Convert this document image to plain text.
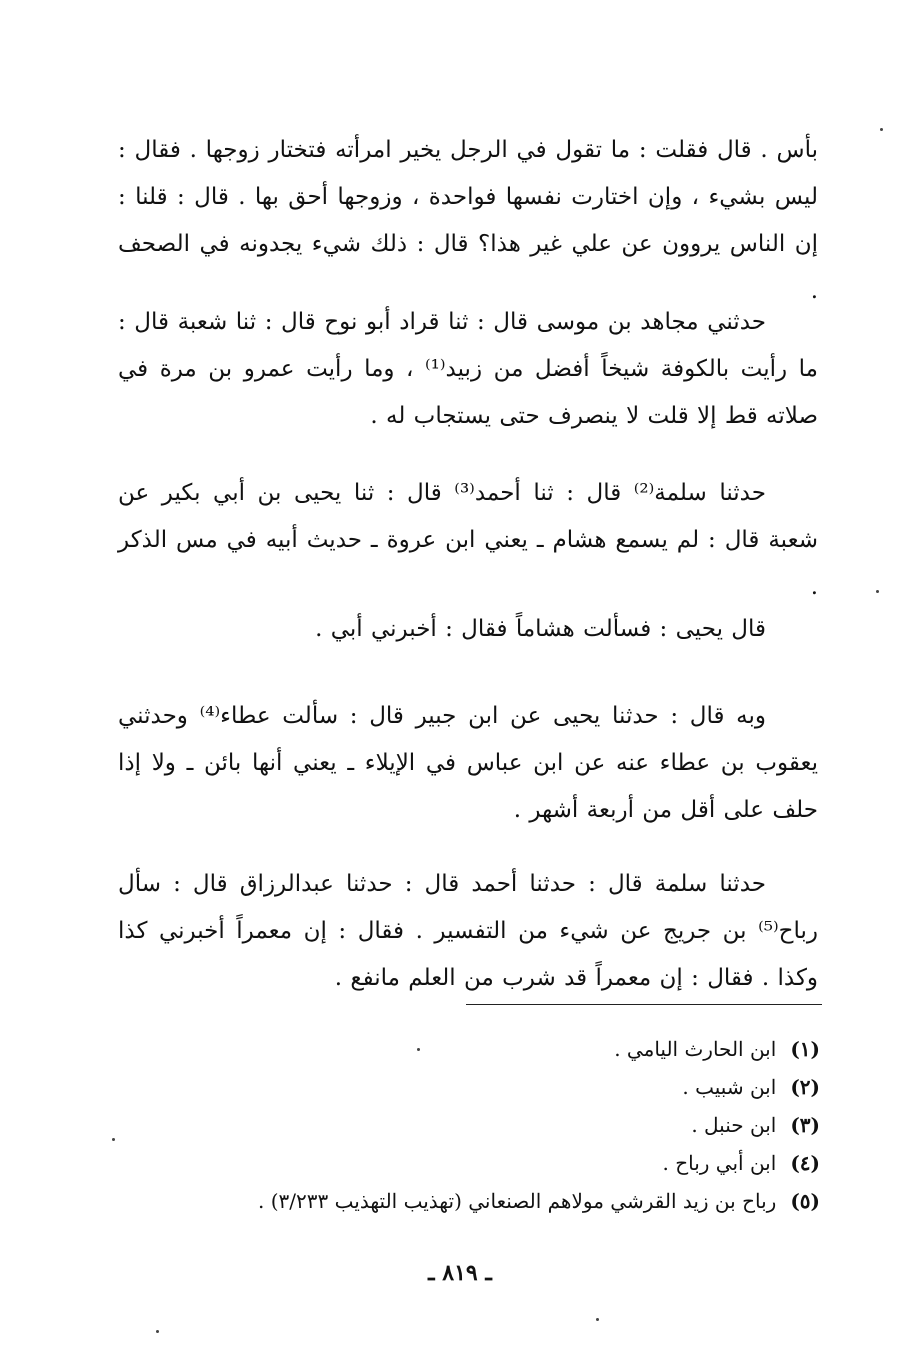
بأس . قال فقلت : ما تقول في الرجل يخير امرأته فتختار زوجها . فقال : ليس بشيء ، وإن اختارت نفسها فواحدة ، وزوجها أحق بها . قال : قلنا : إن الناس يروون عن علي غير هذا؟ قال : ذلك شيء يجدونه في الصحف .

حدثني مجاهد بن موسى قال : ثنا قراد أبو نوح قال : ثنا شعبة قال : ما رأيت بالكوفة شيخاً أفضل من زبيد⁽¹⁾ ، وما رأيت عمرو بن مرة في صلاته قط إلا قلت لا ينصرف حتى يستجاب له .

حدثنا سلمة⁽²⁾ قال : ثنا أحمد⁽³⁾ قال : ثنا يحيى بن أبي بكير عن شعبة قال : لم يسمع هشام ـ يعني ابن عروة ـ حديث أبيه في مس الذكر .

قال يحيى : فسألت هشاماً فقال : أخبرني أبي .

وبه قال : حدثنا يحيى عن ابن جبير قال : سألت عطاء⁽⁴⁾ وحدثني يعقوب بن عطاء عنه عن ابن عباس في الإيلاء ـ يعني أنها بائن ـ ولا إذا حلف على أقل من أربعة أشهر .

حدثنا سلمة قال : حدثنا أحمد قال : حدثنا عبدالرزاق قال : سأل رباح⁽⁵⁾ بن جريج عن شيء من التفسير . فقال : إن معمراً أخبرني كذا وكذا . فقال : إن معمراً قد شرب من العلم مانفع .

(١)ابن الحارث اليامي .
(٢)ابن شبيب .
(٣)ابن حنبل .
(٤)ابن أبي رباح .
(٥)رباح بن زيد القرشي مولاهم الصنعاني (تهذيب التهذيب ٣/٢٣٣) .
ـ ٨١٩ ـ
